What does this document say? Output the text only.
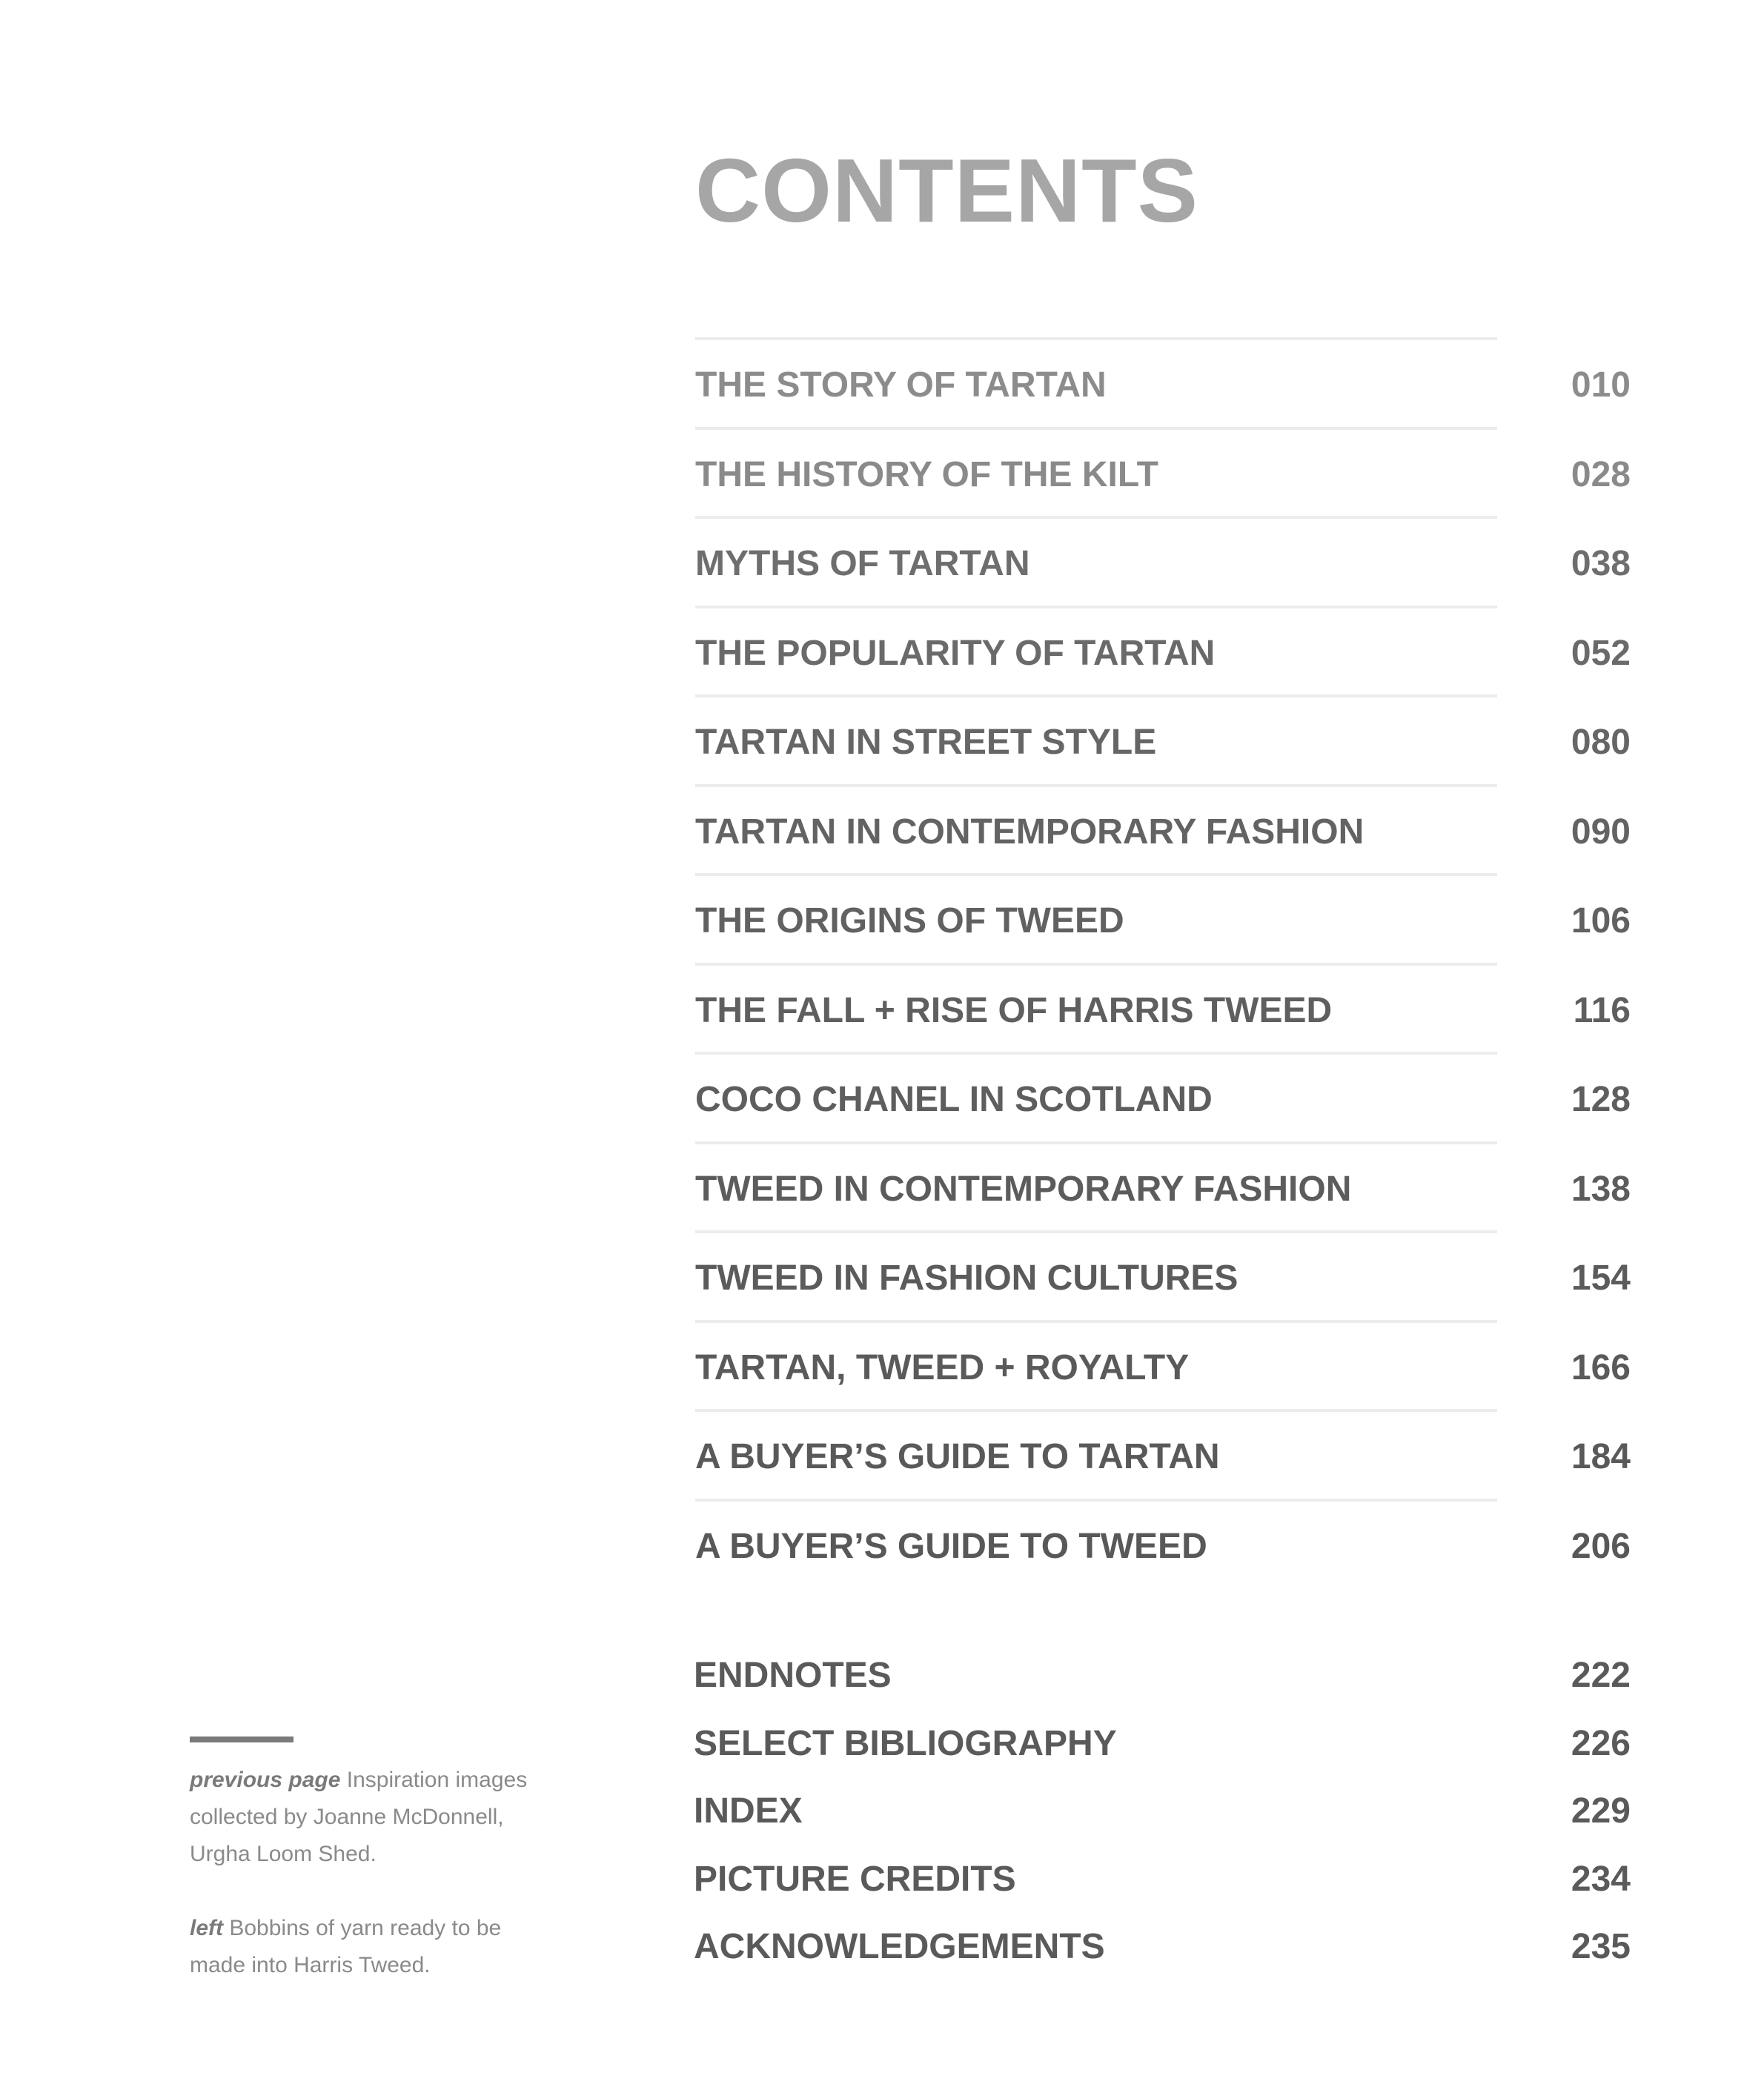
CONTENTS
THE STORY OF TARTAN	010
THE HISTORY OF THE KILT	028
MYTHS OF TARTAN	038
THE POPULARITY OF TARTAN	052
TARTAN IN STREET STYLE	080
TARTAN IN CONTEMPORARY FASHION	090
THE ORIGINS OF TWEED	106
THE FALL + RISE OF HARRIS TWEED	116
COCO CHANEL IN SCOTLAND	128
TWEED IN CONTEMPORARY FASHION	138
TWEED IN FASHION CULTURES	154
TARTAN, TWEED + ROYALTY	166
A BUYER’S GUIDE TO TARTAN	184
A BUYER’S GUIDE TO TWEED	206
ENDNOTES	222
SELECT BIBLIOGRAPHY	226
INDEX	229
PICTURE CREDITS	234
ACKNOWLEDGEMENTS	235
previous page Inspiration images
collected by Joanne McDonnell,
Urgha Loom Shed.
left Bobbins of yarn ready to be
made into Harris Tweed.
